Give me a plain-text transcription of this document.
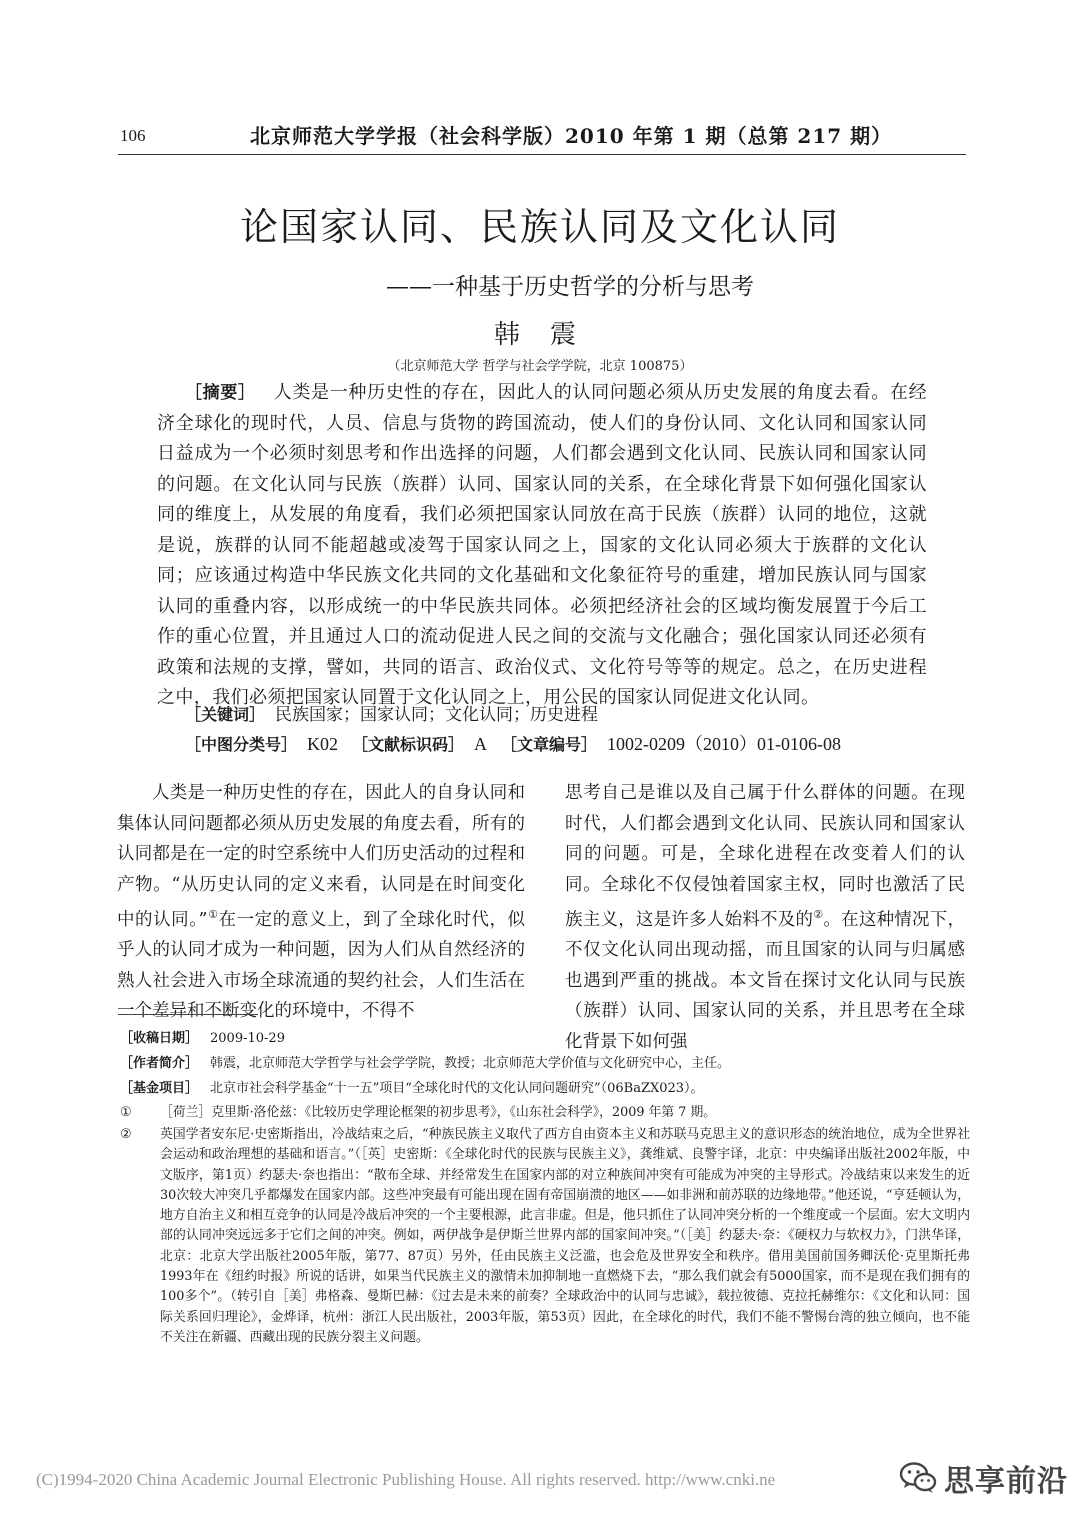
106	北京师范大学学报（社会科学版）2010 年第 1 期（总第 217 期）
论国家认同、民族认同及文化认同
——一种基于历史哲学的分析与思考
韩震
（北京师范大学 哲学与社会学学院，北京 100875）
［摘要］ 人类是一种历史性的存在，因此人的认同问题必须从历史发展的角度去看。在经济全球化的现时代，人员、信息与货物的跨国流动，使人们的身份认同、文化认同和国家认同日益成为一个必须时刻思考和作出选择的问题，人们都会遇到文化认同、民族认同和国家认同的问题。在文化认同与民族（族群）认同、国家认同的关系，在全球化背景下如何强化国家认同的维度上，从发展的角度看，我们必须把国家认同放在高于民族（族群）认同的地位，这就是说，族群的认同不能超越或凌驾于国家认同之上，国家的文化认同必须大于族群的文化认同；应该通过构造中华民族文化共同的文化基础和文化象征符号的重建，增加民族认同与国家认同的重叠内容，以形成统一的中华民族共同体。必须把经济社会的区域均衡发展置于今后工作的重心位置，并且通过人口的流动促进人民之间的交流与文化融合；强化国家认同还必须有政策和法规的支撑，譬如，共同的语言、政治仪式、文化符号等等的规定。总之，在历史进程之中，我们必须把国家认同置于文化认同之上，用公民的国家认同促进文化认同。
［关键词］ 民族国家；国家认同；文化认同；历史进程
［中图分类号］ K02 ［文献标识码］ A ［文章编号］ 1002-0209（2010）01-0106-08
人类是一种历史性的存在，因此人的自身认同和集体认同问题都必须从历史发展的角度去看，所有的认同都是在一定的时空系统中人们历史活动的过程和产物。“从历史认同的定义来看，认同是在时间变化中的认同。”①在一定的意义上，到了全球化时代，似乎人的认同才成为一种问题，因为人们从自然经济的熟人社会进入市场全球流通的契约社会，人们生活在一个差异和不断变化的环境中，不得不
思考自己是谁以及自己属于什么群体的问题。在现时代，人们都会遇到文化认同、民族认同和国家认同的问题。可是，全球化进程在改变着人们的认同。全球化不仅侵蚀着国家主权，同时也激活了民族主义，这是许多人始料不及的②。在这种情况下，不仅文化认同出现动摇，而且国家的认同与归属感也遇到严重的挑战。本文旨在探讨文化认同与民族（族群）认同、国家认同的关系，并且思考在全球化背景下如何强
［收稿日期］ 2009-10-29
［作者简介］ 韩震，北京师范大学哲学与社会学学院，教授；北京师范大学价值与文化研究中心，主任。
［基金项目］ 北京市社会科学基金“十一五”项目“全球化时代的文化认同问题研究”（06BaZX023）。
①	［荷兰］克里斯·洛伦兹：《比较历史学理论框架的初步思考》，《山东社会科学》，2009 年第 7 期。
②	英国学者安东尼·史密斯指出，冷战结束之后，“种族民族主义取代了西方自由资本主义和苏联马克思主义的意识形态的统治地位，成为全世界社会运动和政治理想的基础和语言。”（［英］史密斯：《全球化时代的民族与民族主义》，龚维斌、良警宇译，北京：中央编译出版社2002年版，中文版序，第1页）约瑟夫·奈也指出：“散布全球、并经常发生在国家内部的对立种族间冲突有可能成为冲突的主导形式。冷战结束以来发生的近30次较大冲突几乎都爆发在国家内部。这些冲突最有可能出现在固有帝国崩溃的地区——如非洲和前苏联的边缘地带。”他还说，“亨廷顿认为，地方自治主义和相互竞争的认同是冷战后冲突的一个主要根源，此言非虚。但是，他只抓住了认同冲突分析的一个维度或一个层面。宏大文明内部的认同冲突远远多于它们之间的冲突。例如，两伊战争是伊斯兰世界内部的国家间冲突。”（［美］约瑟夫·奈：《硬权力与软权力》，门洪华译，北京：北京大学出版社2005年版，第77、87页）另外，任由民族主义泛滥，也会危及世界安全和秩序。借用美国前国务卿沃伦·克里斯托弗1993年在《纽约时报》所说的话讲，如果当代民族主义的激情未加抑制地一直燃烧下去，“那么我们就会有5000国家，而不是现在我们拥有的100多个”。（转引自［美］弗格森、曼斯巴赫：《过去是未来的前奏？全球政治中的认同与忠诚》，载拉彼德、克拉托赫维尔：《文化和认同：国际关系回归理论》，金烨译，杭州：浙江人民出版社，2003年版，第53页）因此，在全球化的时代，我们不能不警惕台湾的独立倾向，也不能不关注在新疆、西藏出现的民族分裂主义问题。
(C)1994-2020 China Academic Journal Electronic Publishing House. All rights reserved. http://www.cnki.ne	思享前沿
